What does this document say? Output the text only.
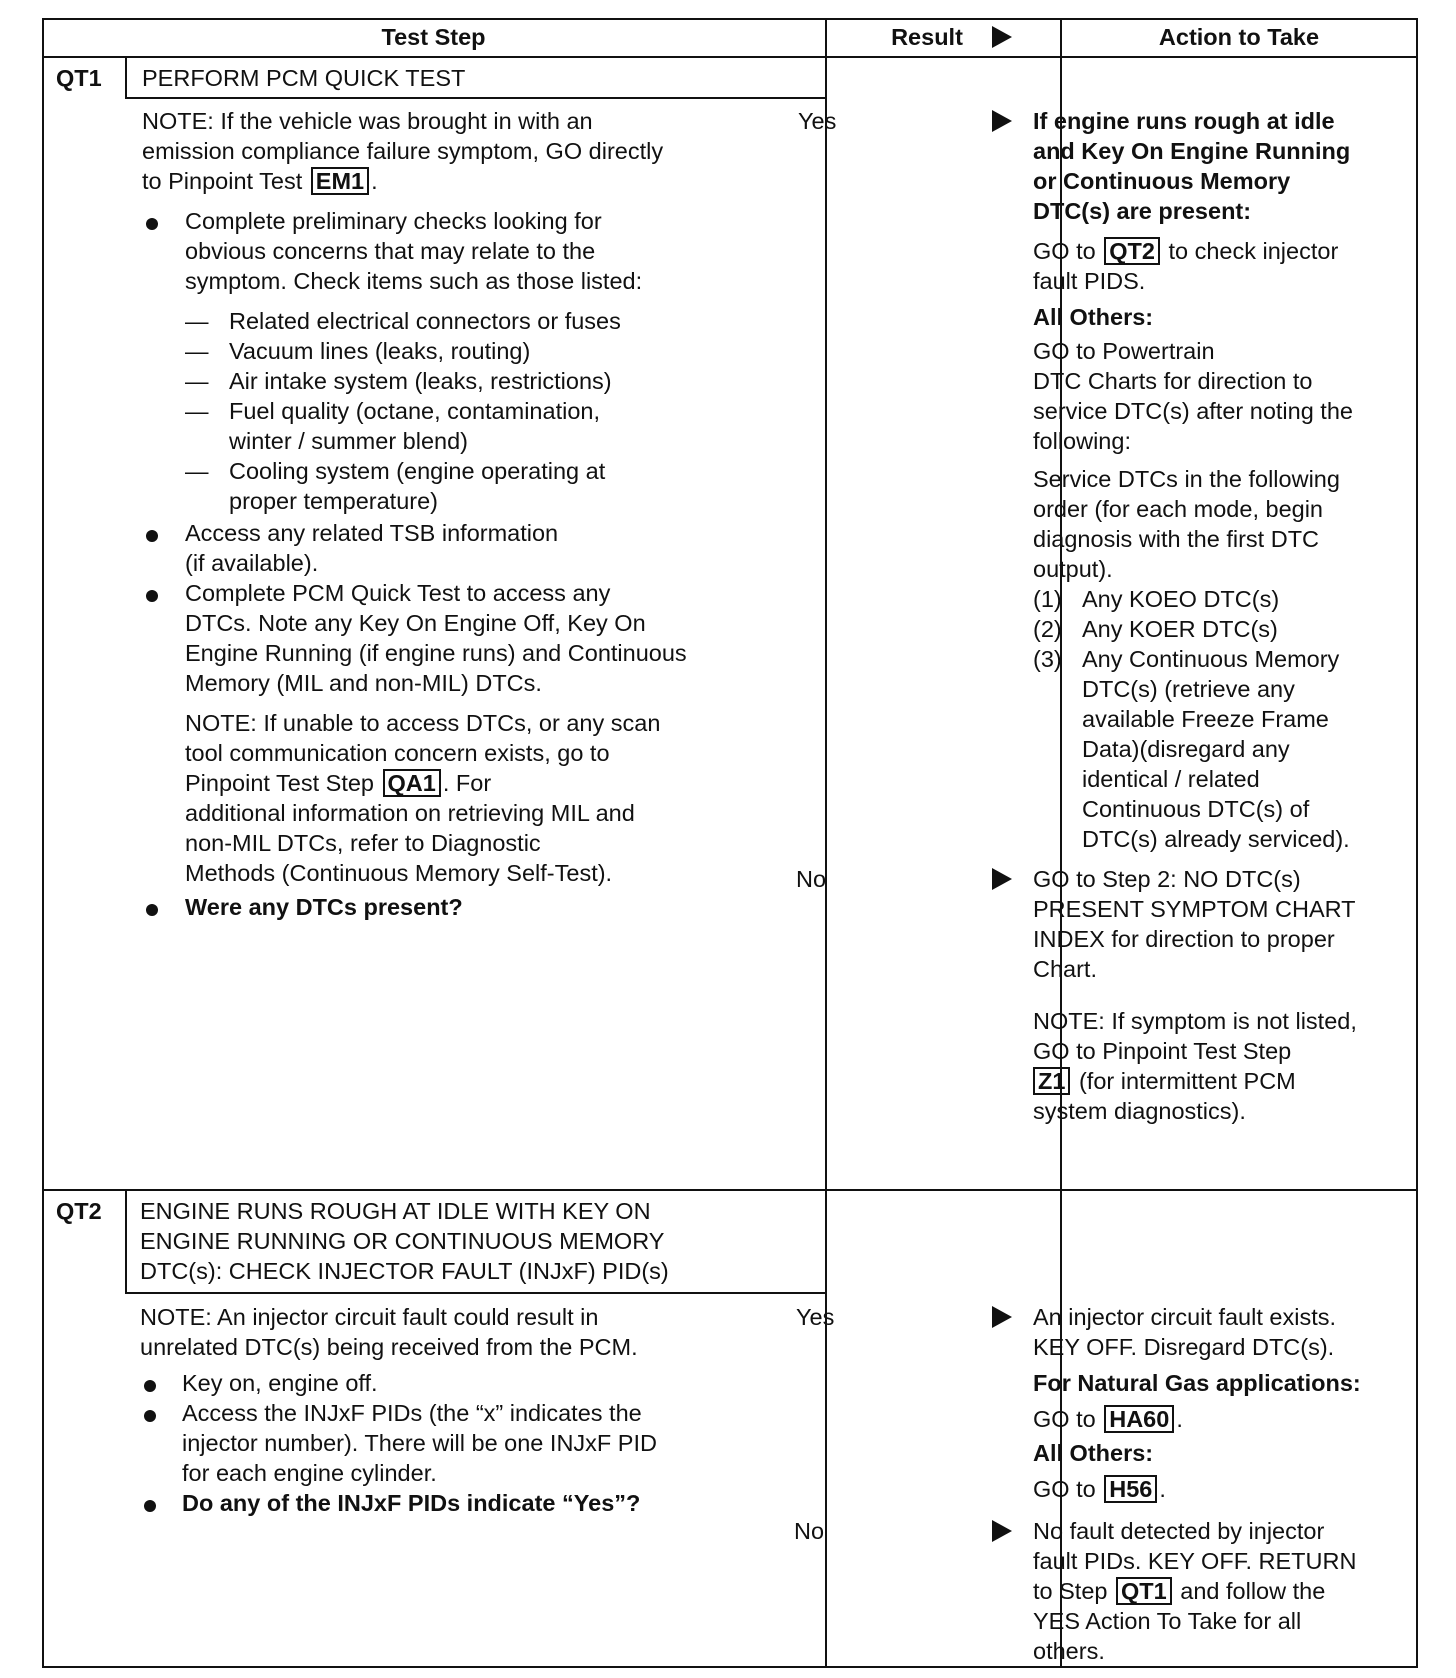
Test Step	Result	Action to Take
QT1 PERFORM PCM QUICK TEST
NOTE: If the vehicle was brought in with an
emission compliance failure symptom, GO directly
to Pinpoint Test EM1 .
Complete preliminary checks looking for
obvious concerns that may relate to the
symptom. Check items such as those listed:
— Related electrical connectors or fuses
— Vacuum lines (leaks, routing)
— Air intake system (leaks, restrictions)
— Fuel quality (octane, contamination,
winter / summer blend)
— Cooling system (engine operating at
proper temperature)
Access any related TSB information
(if available).
Complete PCM Quick Test to access any
DTCs. Note any Key On Engine Off, Key On
Engine Running (if engine runs) and Continuous
Memory (MIL and non-MIL) DTCs.
NOTE: If unable to access DTCs, or any scan
tool communication concern exists, go to
Pinpoint Test Step QA1 . For
additional information on retrieving MIL and
non-MIL DTCs, refer to Diagnostic
Methods (Continuous Memory Self-Test).
Were any DTCs present?
Yes
No
If engine runs rough at idle
and Key On Engine Running
or Continuous Memory
DTC(s) are present:
GO to QT2 to check injector
fault PIDS.
All Others:
GO to Powertrain
DTC Charts for direction to
service DTC(s) after noting the
following:
Service DTCs in the following
order (for each mode, begin
diagnosis with the first DTC
output).
(1) Any KOEO DTC(s)
(2) Any KOER DTC(s)
(3) Any Continuous Memory
DTC(s) (retrieve any
available Freeze Frame
Data)(disregard any
identical / related
Continuous DTC(s) of
DTC(s) already serviced).
GO to Step 2: NO DTC(s)
PRESENT SYMPTOM CHART
INDEX for direction to proper
Chart.
NOTE: If symptom is not listed,
GO to Pinpoint Test Step
Z1 (for intermittent PCM
system diagnostics).
QT2 ENGINE RUNS ROUGH AT IDLE WITH KEY ON
ENGINE RUNNING OR CONTINUOUS MEMORY
DTC(s): CHECK INJECTOR FAULT (INJxF) PID(s)
NOTE: An injector circuit fault could result in
unrelated DTC(s) being received from the PCM.
Key on, engine off.
Access the INJxF PIDs (the “x” indicates the
injector number). There will be one INJxF PID
for each engine cylinder.
Do any of the INJxF PIDs indicate “Yes”?
Yes
No
An injector circuit fault exists.
KEY OFF. Disregard DTC(s).
For Natural Gas applications:
GO to HA60 .
All Others:
GO to H56 .
No fault detected by injector
fault PIDs. KEY OFF. RETURN
to Step QT1 and follow the
YES Action To Take for all
others.
